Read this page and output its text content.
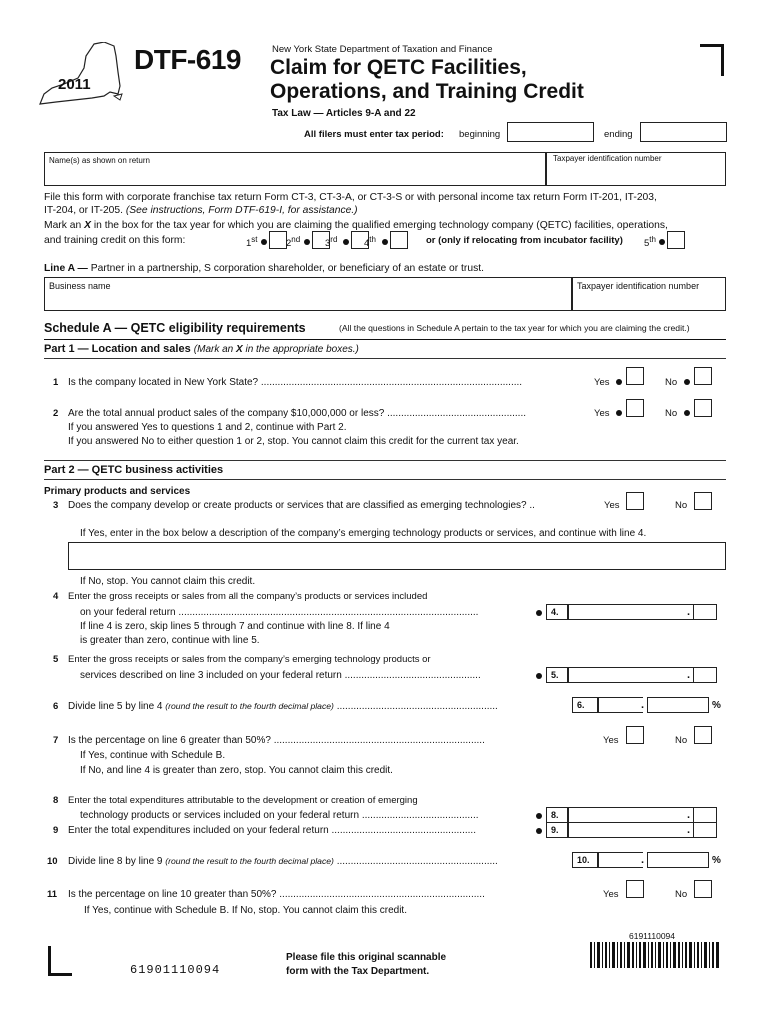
2011
DTF-619	New York State Department of Taxation and Finance
Claim for QETC Facilities,
Operations, and Training Credit
Tax Law — Articles 9-A and 22
All filers must enter tax period: beginning	ending
Name(s) as shown on return	Taxpayer identification number
File this form with corporate franchise tax return Form CT-3, CT-3-A, or CT-3-S or with personal income tax return Form IT-201, IT-203,
IT-204, or IT-205. (See instructions, Form DTF-619-I, for assistance.)
Mark an X in the box for the tax year for which you are claiming the qualified emerging technology company (QETC) facilities, operations,
and training credit on this form:	1st	2nd	3rd	4th	or (only if relocating from incubator facility) 5th
Line A — Partner in a partnership, S corporation shareholder, or beneficiary of an estate or trust.
Business name	Taxpayer identification number
Schedule A — QETC eligibility requirements	(All the questions in Schedule A pertain to the tax year for which you are claiming the credit.)
Part 1 — Location and sales (Mark an X in the appropriate boxes.)
1 Is the company located in New York State? ..............................................................................................	Yes	No
2 Are the total annual product sales of the company $10,000,000 or less? ..................................................	Yes	No
If you answered Yes to questions 1 and 2, continue with Part 2.
If you answered No to either question 1 or 2, stop. You cannot claim this credit for the current tax year.
Part 2 — QETC business activities
Primary products and services
3 Does the company develop or create products or services that are classified as emerging technologies? ..	Yes	No
If Yes, enter in the box below a description of the company’s emerging technology products or services, and continue with line 4.
If No, stop. You cannot claim this credit.
4 Enter the gross receipts or sales from all the company’s products or services included
on your federal return ............................................................................................................	4.	.
If line 4 is zero, skip lines 5 through 7 and continue with line 8. If line 4
is greater than zero, continue with line 5.
5 Enter the gross receipts or sales from the company’s emerging technology products or
services described on line 3 included on your federal return .................................................	5.	.
6 Divide line 5 by line 4 (round the result to the fourth decimal place) ..........................................................	6.	.	%
7 Is the percentage on line 6 greater than 50%? ............................................................................	Yes	No
If Yes, continue with Schedule B.
If No, and line 4 is greater than zero, stop. You cannot claim this credit.
8 Enter the total expenditures attributable to the development or creation of emerging
technology products or services included on your federal return ..........................................	8.	.
9 Enter the total expenditures included on your federal return ....................................................	9.	.
10 Divide line 8 by line 9 (round the result to the fourth decimal place) ..........................................................	10.	.	%
11 Is the percentage on line 10 greater than 50%? ..........................................................................	Yes	No
If Yes, continue with Schedule B. If No, stop. You cannot claim this credit.
61901110094
Please file this original scannable
form with the Tax Department.
6191110094
